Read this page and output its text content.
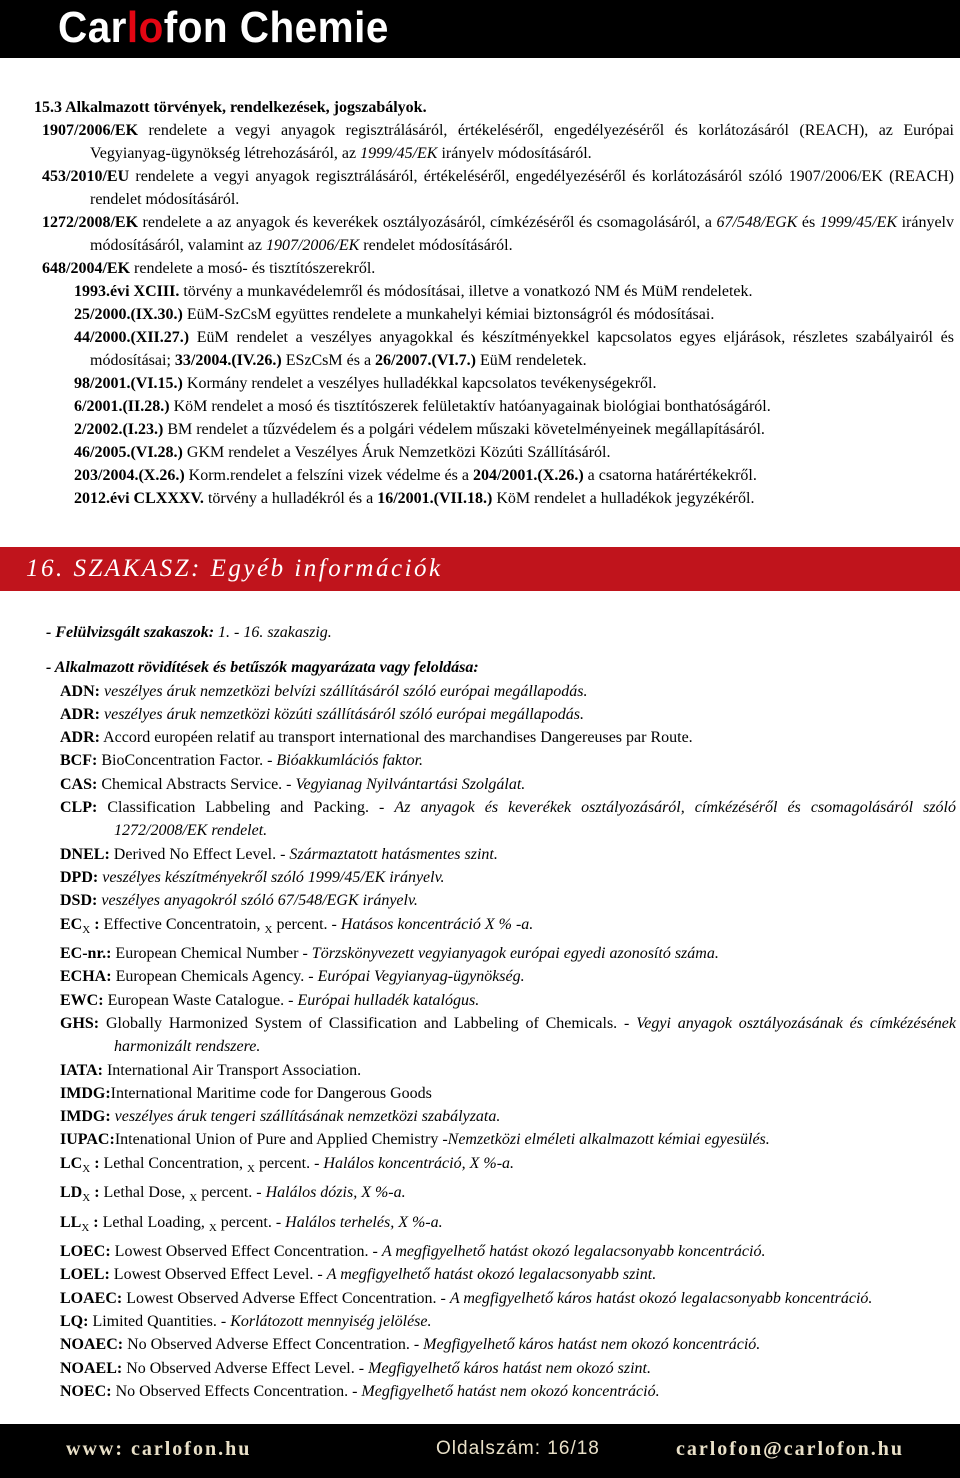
Carlofon Chemie
15.3 Alkalmazott törvények, rendelkezések, jogszabályok.
1907/2006/EK rendelete a vegyi anyagok regisztrálásáról, értékeléséről, engedélyezéséről és korlátozásáról (REACH), az Európai Vegyianyag-ügynökség létrehozásáról, az 1999/45/EK irányelv módosításáról.
453/2010/EU rendelete a vegyi anyagok regisztrálásáról, értékeléséről, engedélyezéséről és korlátozásáról szóló 1907/2006/EK (REACH) rendelet módosításáról.
1272/2008/EK rendelete a az anyagok és keverékek osztályozásáról, címkézéséről és csomagolásáról, a 67/548/EGK és 1999/45/EK irányelv módosításáról, valamint az 1907/2006/EK rendelet módosításáról.
648/2004/EK rendelete a mosó- és tisztítószerekről.
1993.évi XCIII. törvény a munkavédelemről és módosításai, illetve a vonatkozó NM és MüM rendeletek.
25/2000.(IX.30.) EüM-SzCsM együttes rendelete a munkahelyi kémiai biztonságról és módosításai.
44/2000.(XII.27.) EüM rendelet a veszélyes anyagokkal és készítményekkel kapcsolatos egyes eljárások, részletes szabályairól és módosításai; 33/2004.(IV.26.) ESzCsM és a 26/2007.(VI.7.) EüM rendeletek.
98/2001.(VI.15.) Kormány rendelet a veszélyes hulladékkal kapcsolatos tevékenységekről.
6/2001.(II.28.) KöM rendelet a mosó és tisztítószerek felületaktív hatóanyagainak biológiai bonthatóságáról.
2/2002.(I.23.) BM rendelet a tűzvédelem és a polgári védelem műszaki követelményeinek megállapításáról.
46/2005.(VI.28.) GKM rendelet a Veszélyes Áruk Nemzetközi Közúti Szállításáról.
203/2004.(X.26.) Korm.rendelet a felszíni vizek védelme és a 204/2001.(X.26.) a csatorna határértékekről.
2012.évi CLXXXV. törvény a hulladékról és a 16/2001.(VII.18.) KöM rendelet a hulladékok jegyzékéről.
16. SZAKASZ: Egyéb információk
- Felülvizsgált szakaszok: 1. - 16. szakaszig.
- Alkalmazott rövidítések és betűszók magyarázata vagy feloldása:
ADN: veszélyes áruk nemzetközi belvízi szállításáról szóló európai megállapodás.
ADR: veszélyes áruk nemzetközi közúti szállításáról szóló európai megállapodás.
ADR: Accord européen relatif au transport international des marchandises Dangereuses par Route.
BCF: BioConcentration Factor. - Bióakkumlációs faktor.
CAS: Chemical Abstracts Service. - Vegyianag Nyilvántartási Szolgálat.
CLP: Classification Labbeling and Packing. - Az anyagok és keverékek osztályozásáról, címkézéséről és csomagolásáról szóló 1272/2008/EK rendelet.
DNEL: Derived No Effect Level. - Származtatott hatásmentes szint.
DPD: veszélyes készítményekről szóló 1999/45/EK irányelv.
DSD: veszélyes anyagokról szóló 67/548/EGK irányelv.
$EC_X$ : Effective Concentratoin, $_X$ percent. - Hatásos koncentráció X % -a.
EC-nr.: European Chemical Number - Törzskönyvezett vegyianyagok európai egyedi azonosító száma.
ECHA: European Chemicals Agency. - Európai Vegyianyag-ügynökség.
EWC: European Waste Catalogue. - Európai hulladék katalógus.
GHS: Globally Harmonized System of Classification and Labbeling of Chemicals. - Vegyi anyagok osztályozásának és címkézésének harmonizált rendszere.
IATA: International Air Transport Association.
IMDG:International Maritime code for Dangerous Goods
IMDG: veszélyes áruk tengeri szállításának nemzetközi szabályzata.
IUPAC:Intenational Union of Pure and Applied Chemistry -Nemzetközi elméleti alkalmazott kémiai egyesülés.
$LC_X$ : Lethal Concentration, $_X$ percent. - Halálos koncentráció, X %-a.
$LD_X$ : Lethal Dose, $_X$ percent. - Halálos dózis, X %-a.
$LL_X$ : Lethal Loading, $_X$ percent. - Halálos terhelés, X %-a.
LOEC: Lowest Observed Effect Concentration. - A megfigyelhető hatást okozó legalacsonyabb koncentráció.
LOEL: Lowest Observed Effect Level. - A megfigyelhető hatást okozó legalacsonyabb szint.
LOAEC: Lowest Observed Adverse Effect Concentration. - A megfigyelhető káros hatást okozó legalacsonyabb koncentráció.
LQ: Limited Quantities. - Korlátozott mennyiség jelölése.
NOAEC: No Observed Adverse Effect Concentration. - Megfigyelhető káros hatást nem okozó koncentráció.
NOAEL: No Observed Adverse Effect Level. - Megfigyelhető káros hatást nem okozó szint.
NOEC: No Observed Effects Concentration. - Megfigyelhető hatást nem okozó koncentráció.
www: carlofon.hu	Oldalszám: 16/18	carlofon@carlofon.hu
